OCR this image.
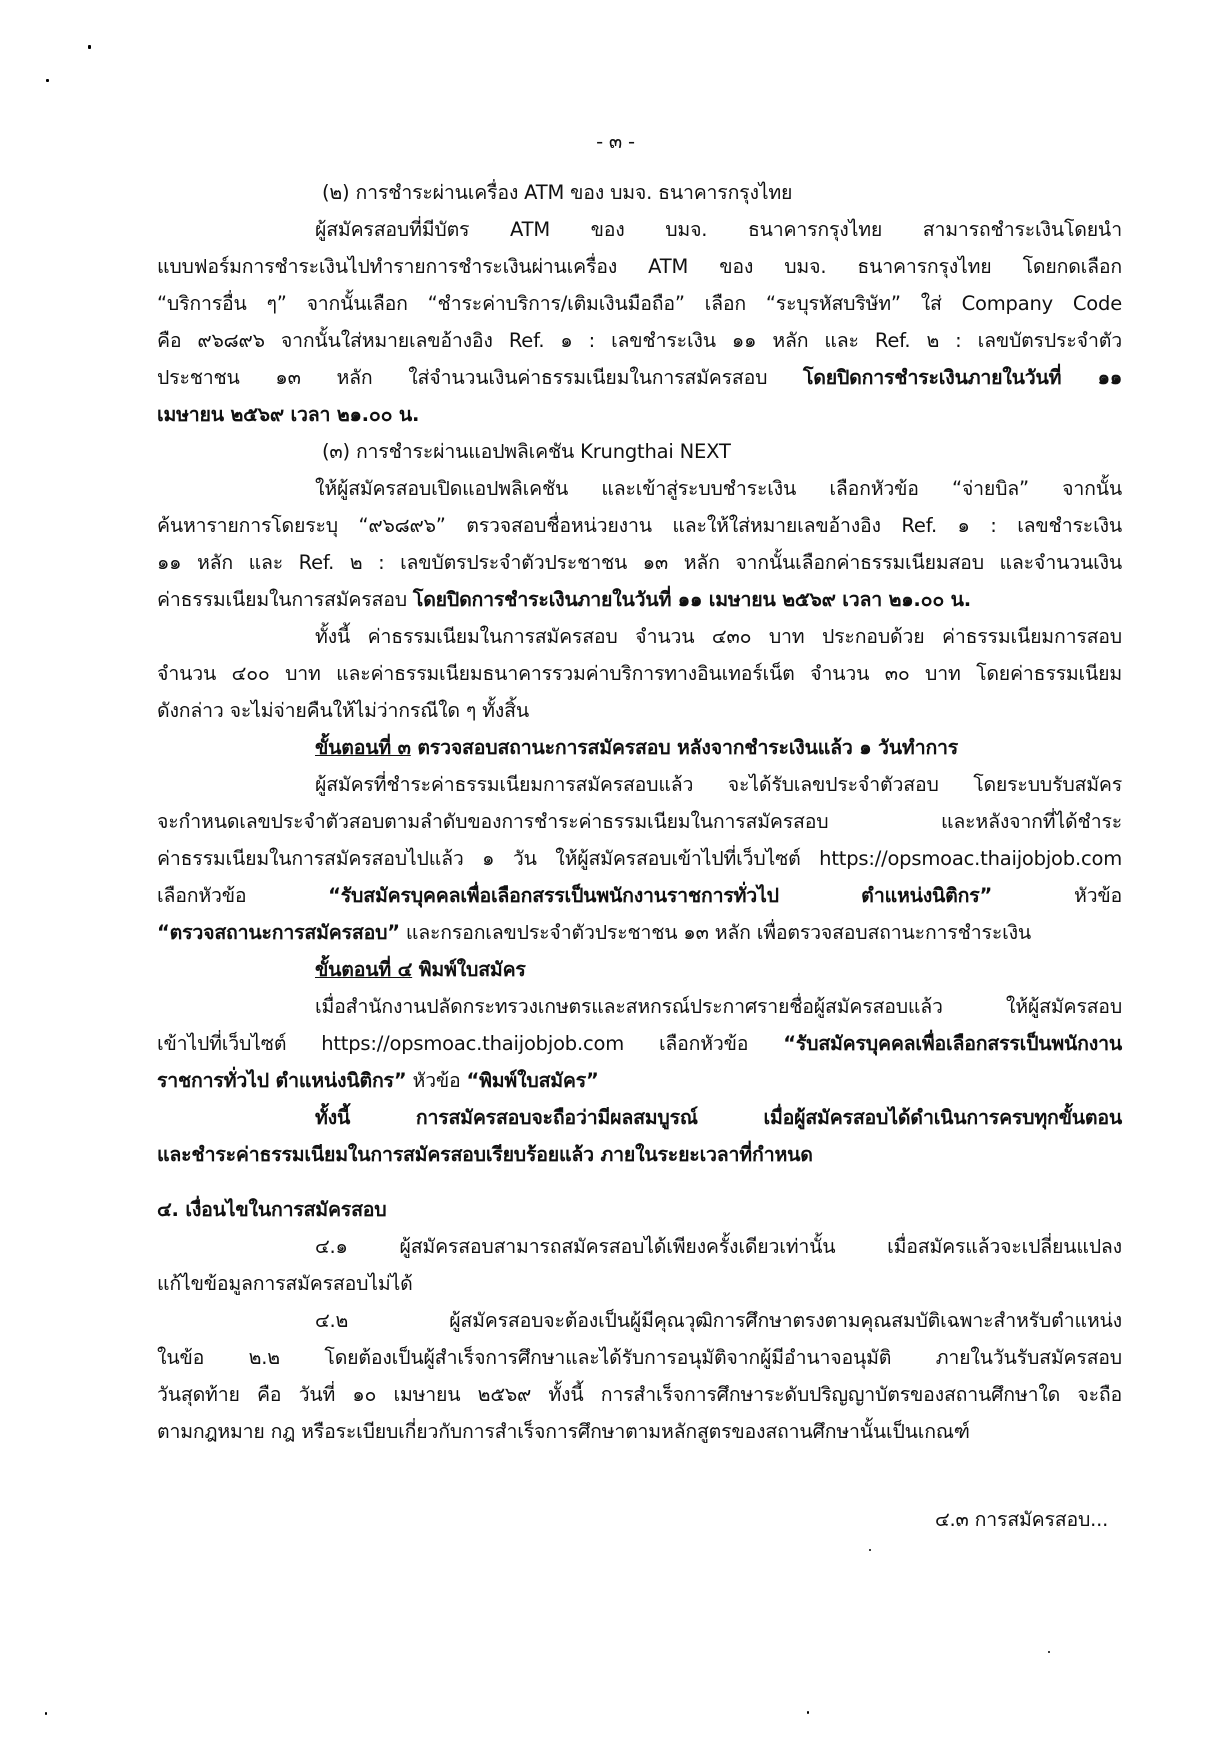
- ๓ -
(๒) การชำระผ่านเครื่อง ATM ของ บมจ. ธนาคารกรุงไทย
ผู้สมัครสอบที่มีบัตร ATM ของ บมจ. ธนาคารกรุงไทย สามารถชำระเงินโดยนำ
แบบฟอร์มการชำระเงินไปทำรายการชำระเงินผ่านเครื่อง ATM ของ บมจ. ธนาคารกรุงไทย โดยกดเลือก
“บริการอื่น ๆ” จากนั้นเลือก “ชำระค่าบริการ/เติมเงินมือถือ” เลือก “ระบุรหัสบริษัท” ใส่ Company Code
คือ ๙๖๘๙๖ จากนั้นใส่หมายเลขอ้างอิง Ref. ๑ : เลขชำระเงิน ๑๑ หลัก และ Ref. ๒ : เลขบัตรประจำตัว
ประชาชน ๑๓ หลัก ใส่จำนวนเงินค่าธรรมเนียมในการสมัครสอบ โดยปิดการชำระเงินภายในวันที่ ๑๑
เมษายน ๒๕๖๙ เวลา ๒๑.๐๐ น.
(๓) การชำระผ่านแอปพลิเคชัน Krungthai NEXT
ให้ผู้สมัครสอบเปิดแอปพลิเคชัน และเข้าสู่ระบบชำระเงิน เลือกหัวข้อ “จ่ายบิล” จากนั้น
ค้นหารายการโดยระบุ “๙๖๘๙๖” ตรวจสอบชื่อหน่วยงาน และให้ใส่หมายเลขอ้างอิง Ref. ๑ : เลขชำระเงิน
๑๑ หลัก และ Ref. ๒ : เลขบัตรประจำตัวประชาชน ๑๓ หลัก จากนั้นเลือกค่าธรรมเนียมสอบ และจำนวนเงิน
ค่าธรรมเนียมในการสมัครสอบ โดยปิดการชำระเงินภายในวันที่ ๑๑ เมษายน ๒๕๖๙ เวลา ๒๑.๐๐ น.
ทั้งนี้ ค่าธรรมเนียมในการสมัครสอบ จำนวน ๔๓๐ บาท ประกอบด้วย ค่าธรรมเนียมการสอบ
จำนวน ๔๐๐ บาท และค่าธรรมเนียมธนาคารรวมค่าบริการทางอินเทอร์เน็ต จำนวน ๓๐ บาท โดยค่าธรรมเนียม
ดังกล่าว จะไม่จ่ายคืนให้ไม่ว่ากรณีใด ๆ ทั้งสิ้น
ขั้นตอนที่ ๓ ตรวจสอบสถานะการสมัครสอบ หลังจากชำระเงินแล้ว ๑ วันทำการ
ผู้สมัครที่ชำระค่าธรรมเนียมการสมัครสอบแล้ว จะได้รับเลขประจำตัวสอบ โดยระบบรับสมัคร
จะกำหนดเลขประจำตัวสอบตามลำดับของการชำระค่าธรรมเนียมในการสมัครสอบ และหลังจากที่ได้ชำระ
ค่าธรรมเนียมในการสมัครสอบไปแล้ว ๑ วัน ให้ผู้สมัครสอบเข้าไปที่เว็บไซต์ https://opsmoac.thaijobjob.com
เลือกหัวข้อ “รับสมัครบุคคลเพื่อเลือกสรรเป็นพนักงานราชการทั่วไป ตำแหน่งนิติกร” หัวข้อ
“ตรวจสถานะการสมัครสอบ” และกรอกเลขประจำตัวประชาชน ๑๓ หลัก เพื่อตรวจสอบสถานะการชำระเงิน
ขั้นตอนที่ ๔ พิมพ์ใบสมัคร
เมื่อสำนักงานปลัดกระทรวงเกษตรและสหกรณ์ประกาศรายชื่อผู้สมัครสอบแล้ว ให้ผู้สมัครสอบ
เข้าไปที่เว็บไซต์ https://opsmoac.thaijobjob.com เลือกหัวข้อ “รับสมัครบุคคลเพื่อเลือกสรรเป็นพนักงาน
ราชการทั่วไป ตำแหน่งนิติกร” หัวข้อ “พิมพ์ใบสมัคร”
ทั้งนี้ การสมัครสอบจะถือว่ามีผลสมบูรณ์ เมื่อผู้สมัครสอบได้ดำเนินการครบทุกขั้นตอน
และชำระค่าธรรมเนียมในการสมัครสอบเรียบร้อยแล้ว ภายในระยะเวลาที่กำหนด
๔. เงื่อนไขในการสมัครสอบ
๔.๑ ผู้สมัครสอบสามารถสมัครสอบได้เพียงครั้งเดียวเท่านั้น เมื่อสมัครแล้วจะเปลี่ยนแปลง
แก้ไขข้อมูลการสมัครสอบไม่ได้
๔.๒ ผู้สมัครสอบจะต้องเป็นผู้มีคุณวุฒิการศึกษาตรงตามคุณสมบัติเฉพาะสำหรับตำแหน่ง
ในข้อ ๒.๒ โดยต้องเป็นผู้สำเร็จการศึกษาและได้รับการอนุมัติจากผู้มีอำนาจอนุมัติ ภายในวันรับสมัครสอบ
วันสุดท้าย คือ วันที่ ๑๐ เมษายน ๒๕๖๙ ทั้งนี้ การสำเร็จการศึกษาระดับปริญญาบัตรของสถานศึกษาใด จะถือ
ตามกฎหมาย กฎ หรือระเบียบเกี่ยวกับการสำเร็จการศึกษาตามหลักสูตรของสถานศึกษานั้นเป็นเกณฑ์
๔.๓ การสมัครสอบ...
